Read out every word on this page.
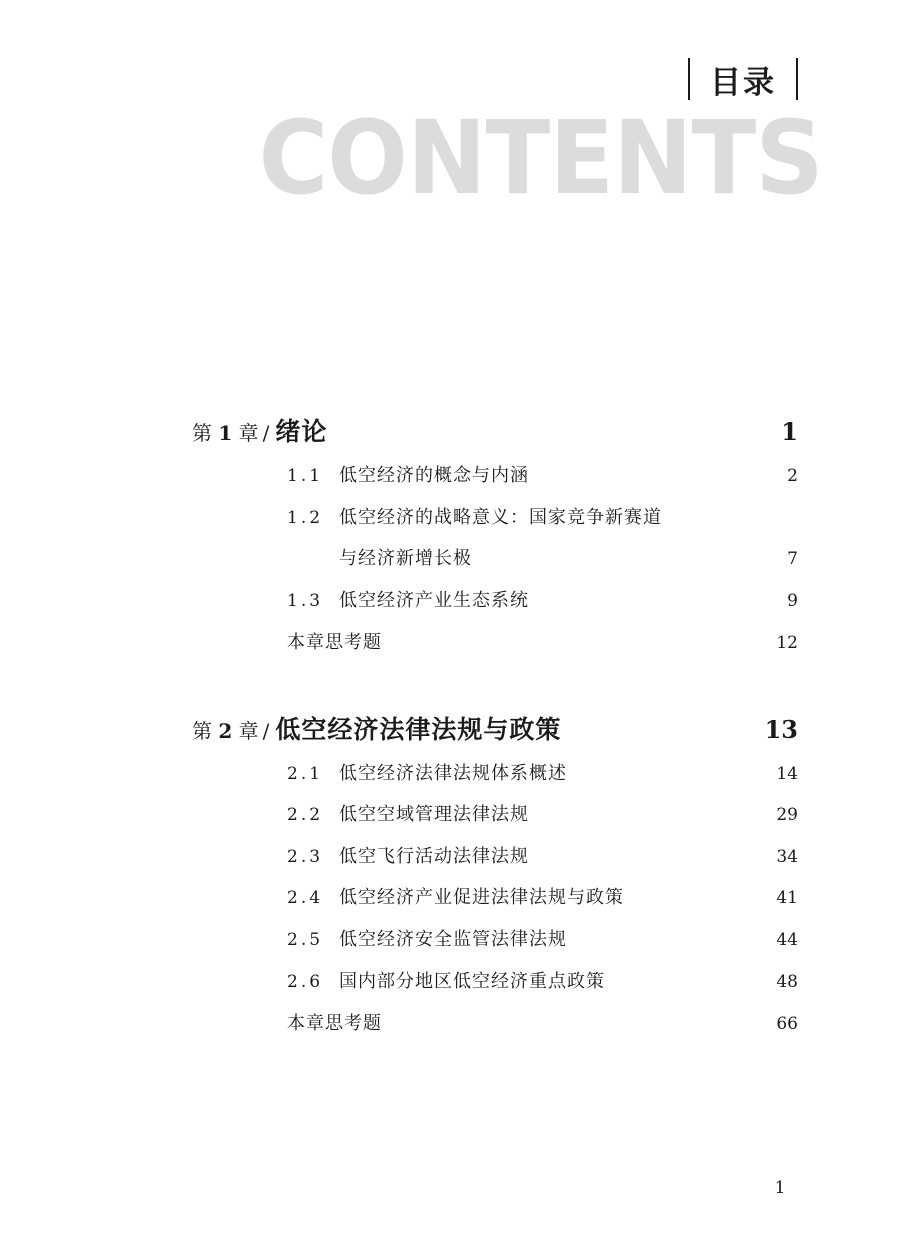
目录
CONTENTS
第 1 章 / 绪论	1
1.1 低空经济的概念与内涵	2
1.2 低空经济的战略意义：国家竞争新赛道
与经济新增长极	7
1.3 低空经济产业生态系统	9
本章思考题	12
第 2 章 / 低空经济法律法规与政策	13
2.1 低空经济法律法规体系概述	14
2.2 低空空域管理法律法规	29
2.3 低空飞行活动法律法规	34
2.4 低空经济产业促进法律法规与政策	41
2.5 低空经济安全监管法律法规	44
2.6 国内部分地区低空经济重点政策	48
本章思考题	66
1
